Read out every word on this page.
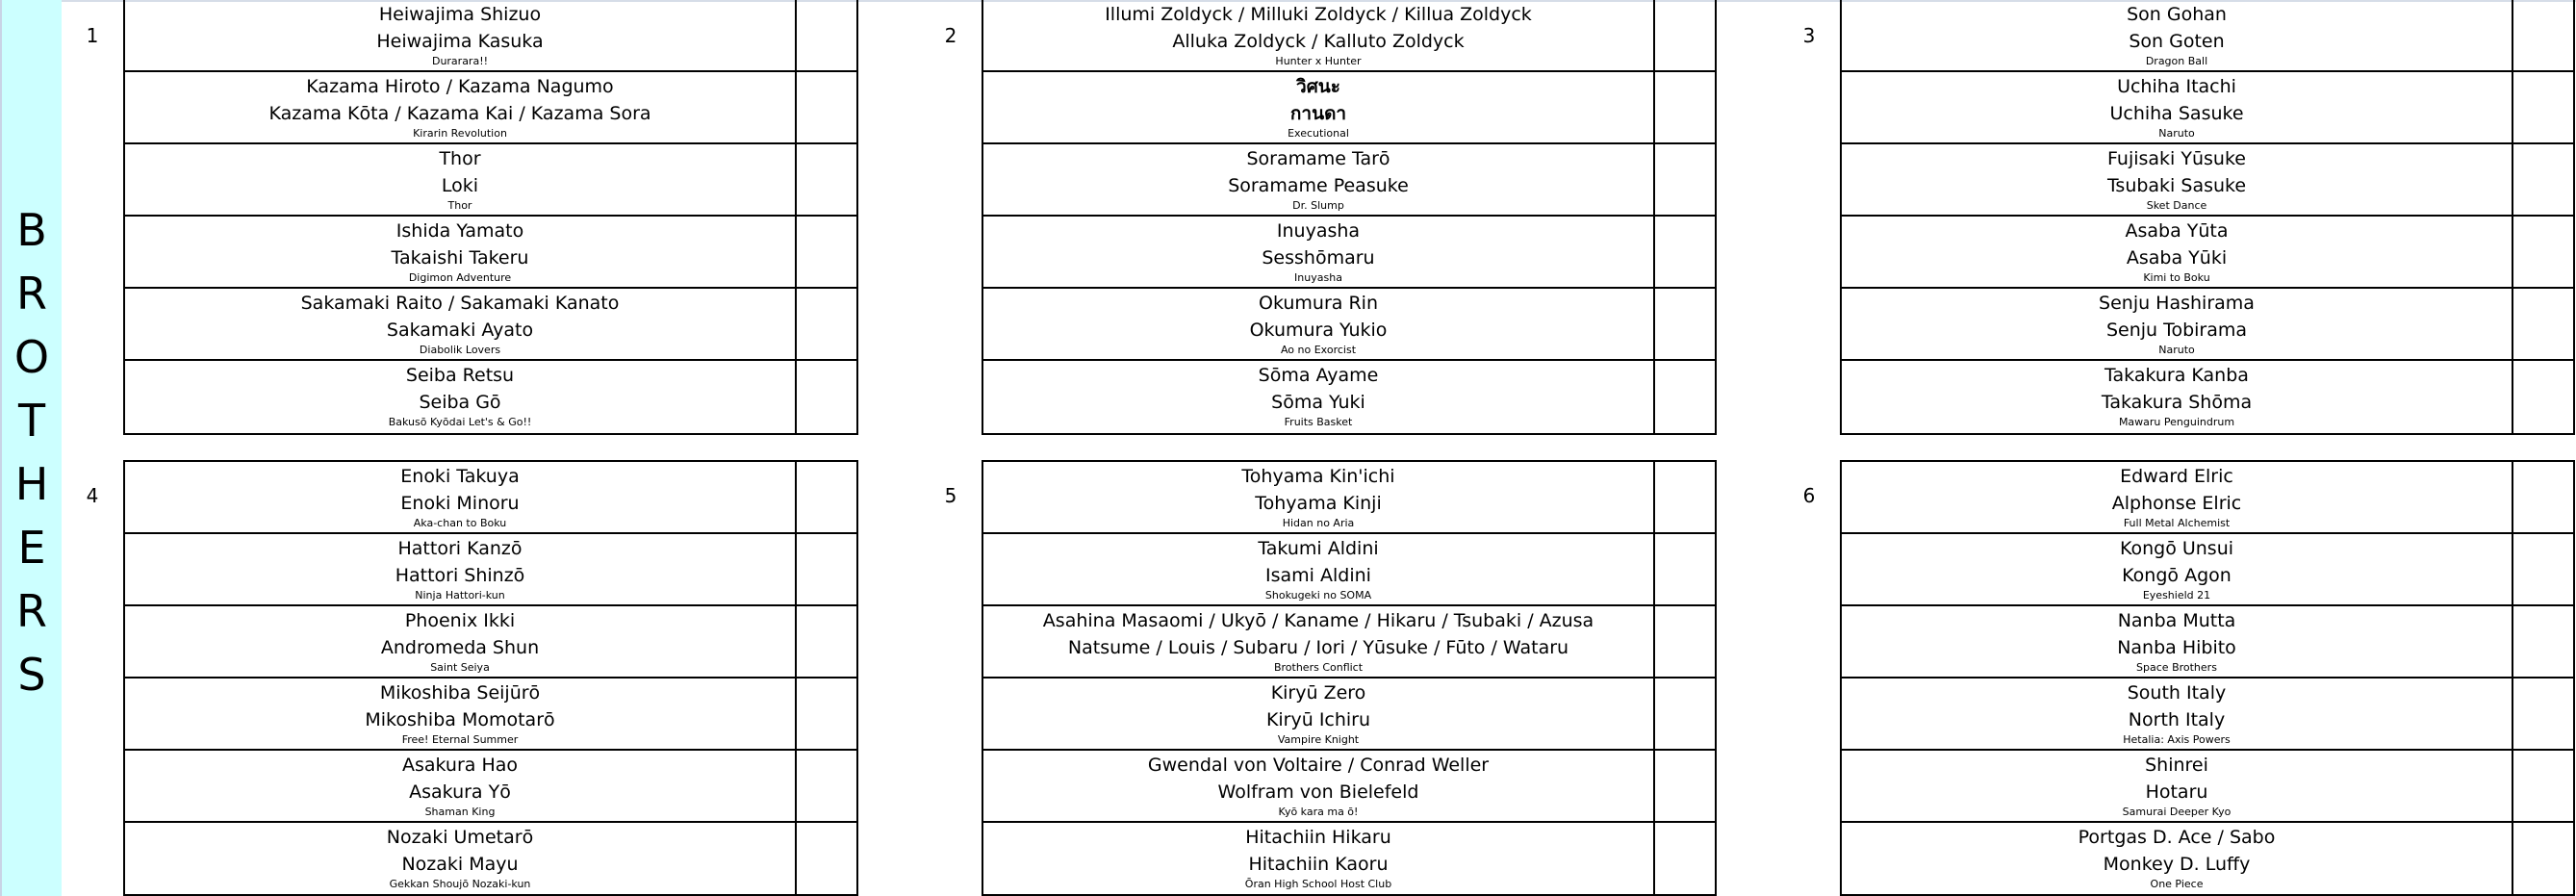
B
R
O
T
H
E
R
S
1
Heiwajima Shizuo
Heiwajima Kasuka
Durarara!!
Kazama Hiroto / Kazama Nagumo
Kazama Kōta / Kazama Kai / Kazama Sora
Kirarin Revolution
Thor
Loki
Thor
Ishida Yamato
Takaishi Takeru
Digimon Adventure
Sakamaki Raito / Sakamaki Kanato
Sakamaki Ayato
Diabolik Lovers
Seiba Retsu
Seiba Gō
Bakusō Kyōdai Let's & Go!!
2
Illumi Zoldyck / Milluki Zoldyck / Killua Zoldyck
Alluka Zoldyck / Kalluto Zoldyck
Hunter x Hunter
วิศนะ
กานดา
Executional
Soramame Tarō
Soramame Peasuke
Dr. Slump
Inuyasha
Sesshōmaru
Inuyasha
Okumura Rin
Okumura Yukio
Ao no Exorcist
Sōma Ayame
Sōma Yuki
Fruits Basket
3
Son Gohan
Son Goten
Dragon Ball
Uchiha Itachi
Uchiha Sasuke
Naruto
Fujisaki Yūsuke
Tsubaki Sasuke
Sket Dance
Asaba Yūta
Asaba Yūki
Kimi to Boku
Senju Hashirama
Senju Tobirama
Naruto
Takakura Kanba
Takakura Shōma
Mawaru Penguindrum
4
Enoki Takuya
Enoki Minoru
Aka-chan to Boku
Hattori Kanzō
Hattori Shinzō
Ninja Hattori-kun
Phoenix Ikki
Andromeda Shun
Saint Seiya
Mikoshiba Seijūrō
Mikoshiba Momotarō
Free! Eternal Summer
Asakura Hao
Asakura Yō
Shaman King
Nozaki Umetarō
Nozaki Mayu
Gekkan Shoujō Nozaki-kun
5
Tohyama Kin'ichi
Tohyama Kinji
Hidan no Aria
Takumi Aldini
Isami Aldini
Shokugeki no SOMA
Asahina Masaomi / Ukyō / Kaname / Hikaru / Tsubaki / Azusa
Natsume / Louis / Subaru / Iori / Yūsuke / Fūto / Wataru
Brothers Conflict
Kiryū Zero
Kiryū Ichiru
Vampire Knight
Gwendal von Voltaire / Conrad Weller
Wolfram von Bielefeld
Kyō kara ma ō!
Hitachiin Hikaru
Hitachiin Kaoru
Ōran High School Host Club
6
Edward Elric
Alphonse Elric
Full Metal Alchemist
Kongō Unsui
Kongō Agon
Eyeshield 21
Nanba Mutta
Nanba Hibito
Space Brothers
South Italy
North Italy
Hetalia: Axis Powers
Shinrei
Hotaru
Samurai Deeper Kyo
Portgas D. Ace / Sabo
Monkey D. Luffy
One Piece
